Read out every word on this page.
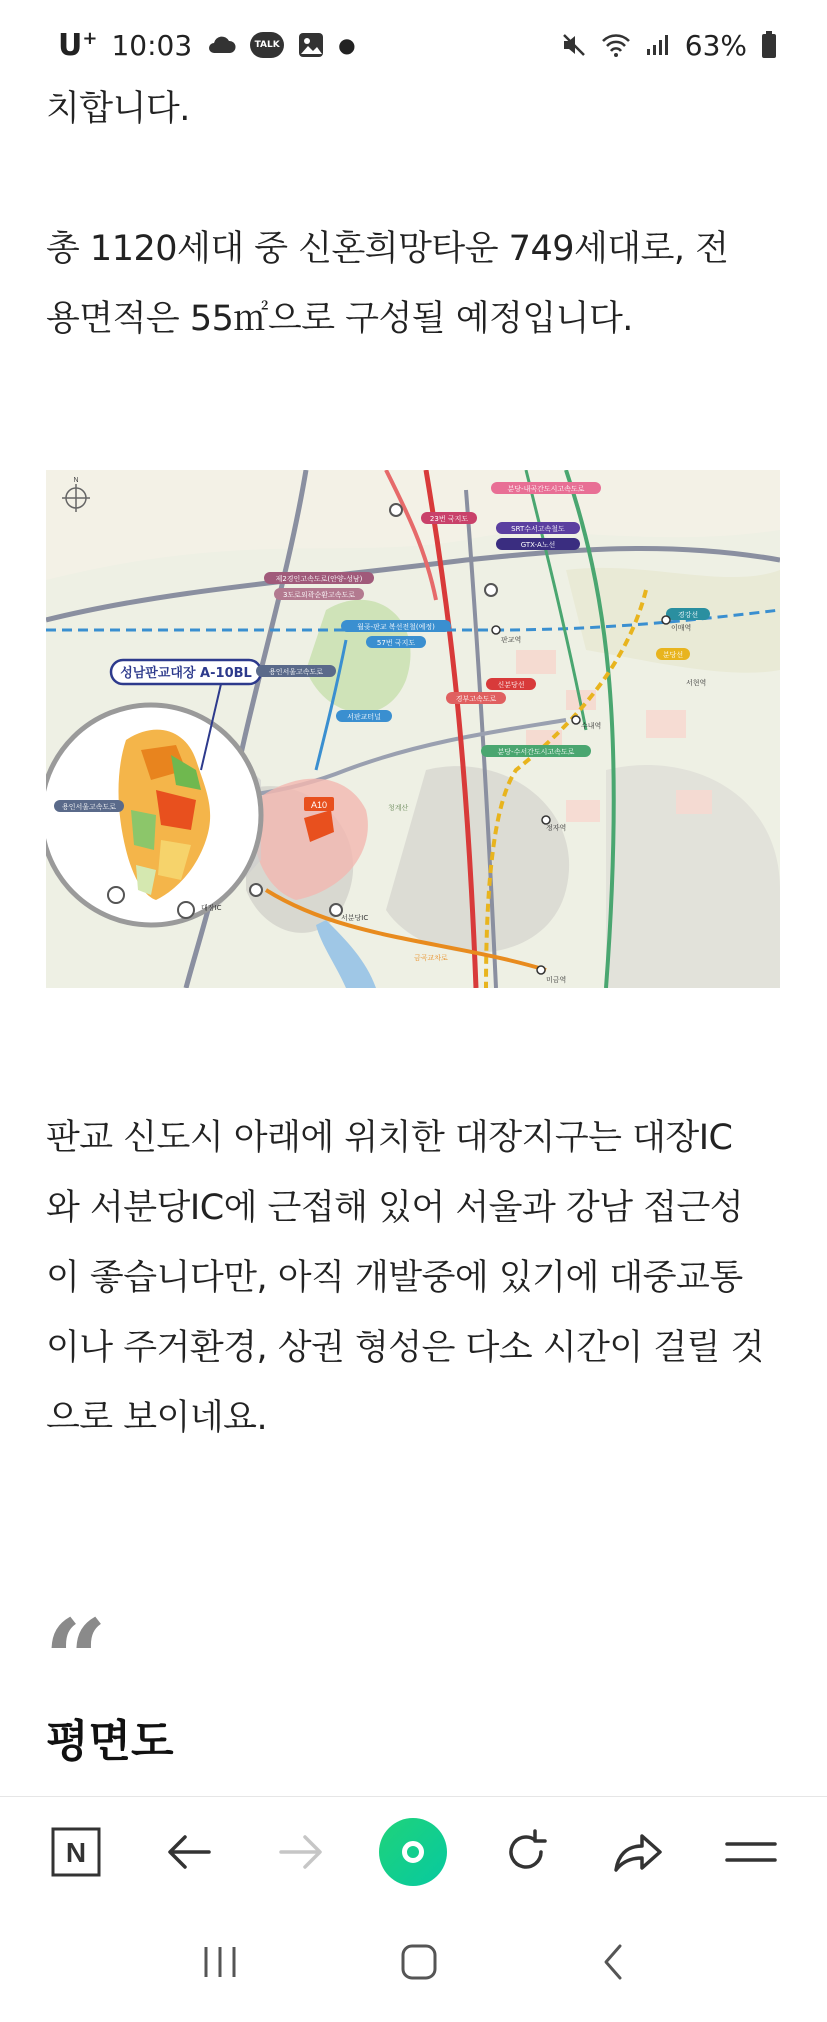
U+ 10:03	TALK	●	63%

치합니다.

총 1120세대 중 신혼희망타운 749세대로, 전

용면적은 55㎡으로 구성될 예정입니다.

A10
성남판교대장 A-10BL
N
SRT수서고속철도
GTX-A노선
23번 국지도
분당-내곡간도시고속도로
제2경인고속도로(안양-성남)
3도로외곽순환고속도로
월곶-판교 복선전철(예정)
57번 국지도
용인서울고속도로
서판교터널
신분당선
경부고속도로
분당-수서간도시고속도로
경강선
분당선
용인서울고속도로
금곡교차로
청계산
판교역
정자역
이매역
미금역
수내역
서현역
서분당IC
대장IC

판교 신도시 아래에 위치한 대장지구는 대장IC

와 서분당IC에 근접해 있어 서울과 강남 접근성

이 좋습니다만, 아직 개발중에 있기에 대중교통

이나 주거환경, 상권 형성은 다소 시간이 걸릴 것

으로 보이네요.

“
평면도
N
